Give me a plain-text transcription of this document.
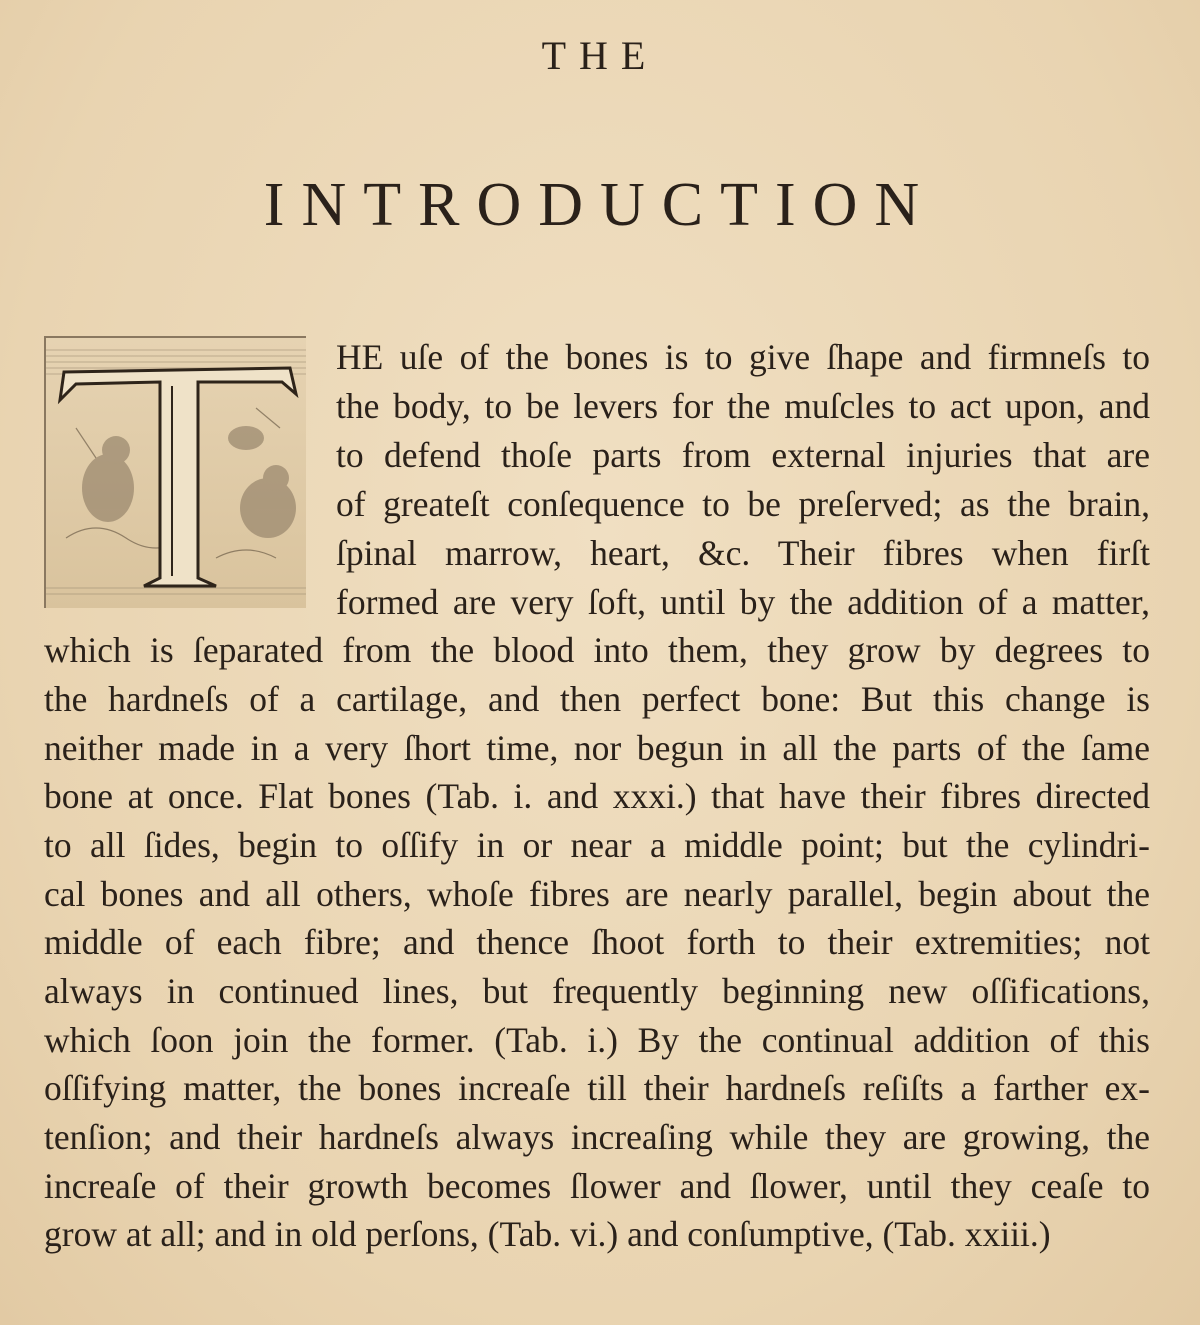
THE
INTRODUCTION
HE uſe of the bones is to give ſhape and firmneſs to
the body, to be levers for the muſcles to act upon, and
to defend thoſe parts from external injuries that are
of greateſt conſequence to be preſerved; as the brain,
ſpinal marrow, heart, &c. Their fibres when firſt
formed are very ſoft, until by the addition of a matter,
which is ſeparated from the blood into them, they grow by degrees to
the hardneſs of a cartilage, and then perfect bone: But this change is
neither made in a very ſhort time, nor begun in all the parts of the ſame
bone at once. Flat bones (Tab. i. and xxxi.) that have their fibres directed
to all ſides, begin to oſſify in or near a middle point; but the cylindri-
cal bones and all others, whoſe fibres are nearly parallel, begin about the
middle of each fibre; and thence ſhoot forth to their extremities; not
always in continued lines, but frequently beginning new oſſifications,
which ſoon join the former. (Tab. i.) By the continual addition of this
oſſifying matter, the bones increaſe till their hardneſs reſiſts a farther ex-
tenſion; and their hardneſs always increaſing while they are growing, the
increaſe of their growth becomes ſlower and ſlower, until they ceaſe to
grow at all; and in old perſons, (Tab. vi.) and conſumptive, (Tab. xxiii.)
